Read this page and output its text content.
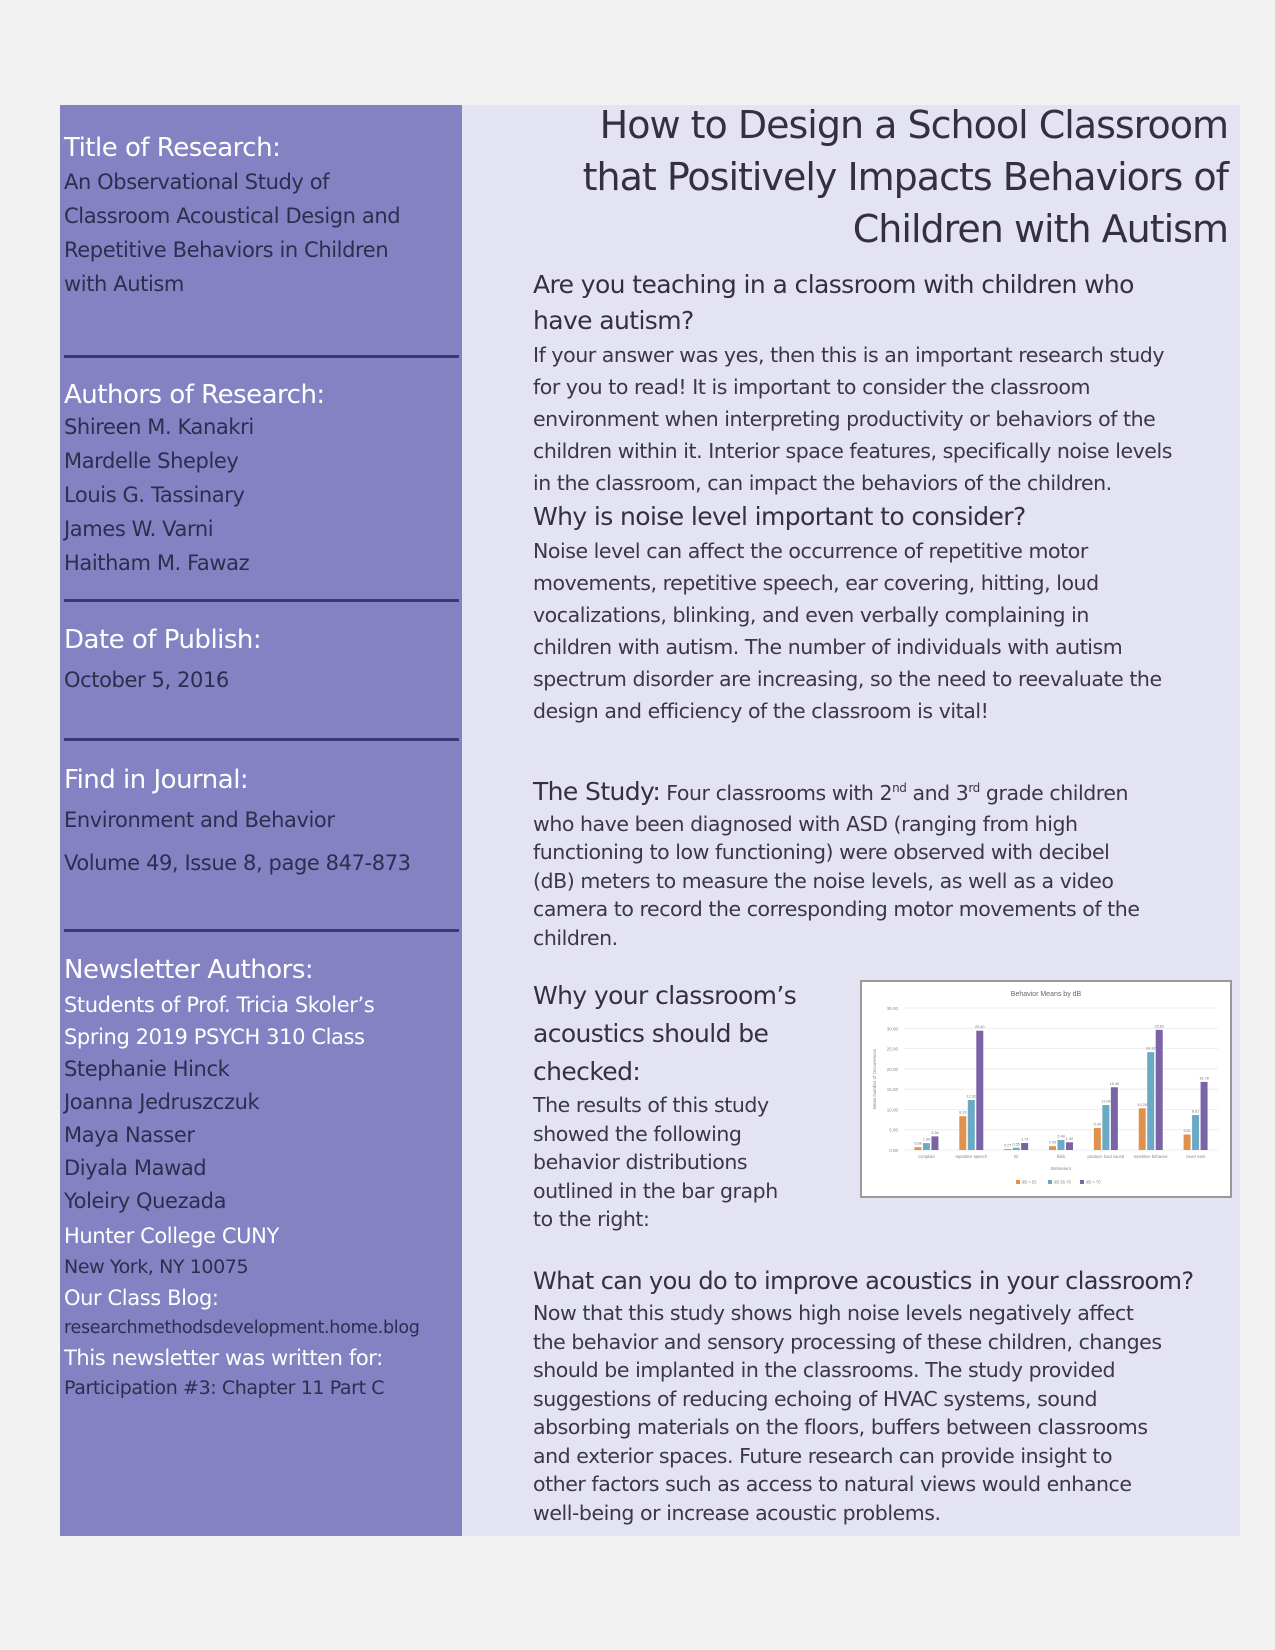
Title of Research:

An Observational Study of

Classroom Acoustical Design and

Repetitive Behaviors in Children

with Autism

Authors of Research:

Shireen M. Kanakri

Mardelle Shepley

Louis G. Tassinary

James W. Varni

Haitham M. Fawaz

Date of Publish:

October 5, 2016

Find in Journal:

Environment and Behavior

Volume 49, Issue 8, page 847-873

Newsletter Authors:

Students of Prof. Tricia Skoler’s

Spring 2019 PSYCH 310 Class

Stephanie Hinck

Joanna Jedruszczuk

Maya Nasser

Diyala Mawad

Yoleiry Quezada

Hunter College CUNY

New York, NY 10075

Our Class Blog:

researchmethodsdevelopment.home.blog

This newsletter was written for:

Participation #3: Chapter 11 Part C

How to Design a School Classroom
that Positively Impacts Behaviors of
Children with Autism

Are you teaching in a classroom with children who

have autism?

If your answer was yes, then this is an important research study

for you to read! It is important to consider the classroom

environment when interpreting productivity or behaviors of the

children within it. Interior space features, specifically noise levels

in the classroom, can impact the behaviors of the children.

Why is noise level important to consider?

Noise level can affect the occurrence of repetitive motor

movements, repetitive speech, ear covering, hitting, loud

vocalizations, blinking, and even verbally complaining in

children with autism. The number of individuals with autism

spectrum disorder are increasing, so the need to reevaluate the

design and efficiency of the classroom is vital!

The Study: Four classrooms with 2nd and 3rd grade children

who have been diagnosed with ASD (ranging from high

functioning to low functioning) were observed with decibel

(dB) meters to measure the noise levels, as well as a video

camera to record the corresponding motor movements of the

children.

Why your classroom’s

acoustics should be

checked:

The results of this study

showed the following

behavior distributions

outlined in the bar graph

to the right:

Behavior Means by dB
0.00
5.00
10.00
15.00
20.00
25.00
30.00
35.00
Mean Number of Occurrences
0.68
1.69
3.36
complain
8.33
12.32
29.40
repetitive speech
0.27 0.55
1.73
hit
0.95
2.48
1.90
blink
5.44
11.08
15.46
produce loud sound
10.28
24.12
29.62
repetitive behavior
3.81
8.61
16.78
cover ears
Behaviors
dB < 55	dB 55-70	dB > 70

What can you do to improve acoustics in your classroom?

Now that this study shows high noise levels negatively affect

the behavior and sensory processing of these children, changes

should be implanted in the classrooms. The study provided

suggestions of reducing echoing of HVAC systems, sound

absorbing materials on the floors, buffers between classrooms

and exterior spaces. Future research can provide insight to

other factors such as access to natural views would enhance

well-being or increase acoustic problems.
